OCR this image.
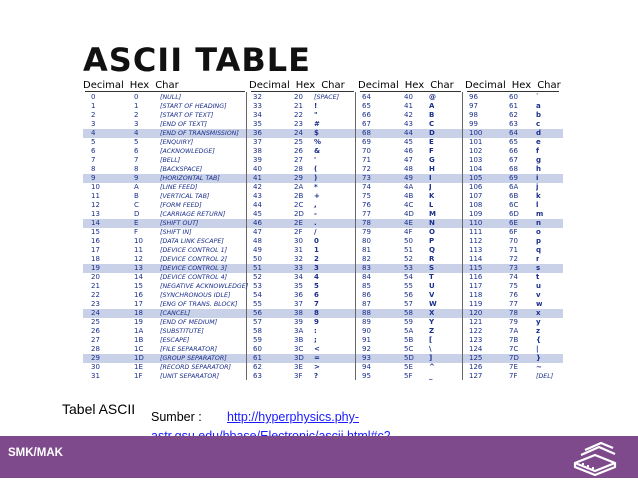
ASCII TABLE
Decimal Hex Char	Decimal Hex Char	Decimal Hex Char	Decimal Hex Char
0	0	[NULL]	32	20 [SPACE]	64	40 @	96	60	`
1	1	[START OF HEADING]	33	21 !	65	41 A	97	61	a
2	2	[START OF TEXT]	34	22 "	66	42 B	98	62	b
3	3	[END OF TEXT]	35	23 #	67	43 C	99	63	c
4	4	[END OF TRANSMISSION] 36	24 $	68	44 D	100	64	d
5	5	[ENQUIRY]	37	25 %	69	45 E	101	65	e
6	6	[ACKNOWLEDGE]	38	26 &	70	46 F	102	66	f
7	7	[BELL]	39	27 '	71	47 G	103	67	g
8	8	[BACKSPACE]	40	28 (	72	48 H	104	68	h
9	9	[HORIZONTAL TAB]	41	29 )	73	49 I	105	69	i
10	A	[LINE FEED]	42	2A *	74	4A J	106	6A	j
11	B	[VERTICAL TAB]	43	2B +	75	4B K	107	6B	k
12	C	[FORM FEED]	44	2C ,	76	4C L	108	6C	l
13	D	[CARRIAGE RETURN]	45	2D -	77	4D M	109	6D m
14	E	[SHIFT OUT]	46	2E .	78	4E N	110	6E	n
15	F	[SHIFT IN]	47	2F /	79	4F O	111	6F	o
16	10	[DATA LINK ESCAPE]	48	30 0	80	50 P	112	70	p
17	11	[DEVICE CONTROL 1]	49	31 1	81	51 Q	113	71	q
18	12	[DEVICE CONTROL 2]	50	32 2	82	52 R	114	72	r
19	13	[DEVICE CONTROL 3]	51	33 3	83	53 S	115	73	s
20	14	[DEVICE CONTROL 4]	52	34 4	84	54 T	116	74	t
21	15	[NEGATIVE ACKNOWLEDGE] 53	35 5	85	55 U	117	75	u
22	16	[SYNCHRONOUS IDLE]	54	36 6	86	56 V	118	76	v
23	17	[ENG OF TRANS. BLOCK] 55	37 7	87	57 W	119	77	w
24	18	[CANCEL]	56	38 8	88	58 X	120	78	x
25	19	[END OF MEDIUM]	57	39 9	89	59 Y	121	79	y
26	1A	[SUBSTITUTE]	58	3A :	90	5A Z	122	7A	z
27	1B	[ESCAPE]	59	3B ;	91	5B [	123	7B	{
28	1C	[FILE SEPARATOR]	60	3C <	92	5C \	124	7C	|
29	1D	[GROUP SEPARATOR]	61	3D =	93	5D ]	125	7D }
30	1E	[RECORD SEPARATOR]	62	3E >	94	5E ^	126	7E	~
31	1F	[UNIT SEPARATOR]	63	3F ?	95	5F _	127	7F	[DEL]
Tabel ASCII Sumber : http://hyperphysics.phy-
SMK/MAK
